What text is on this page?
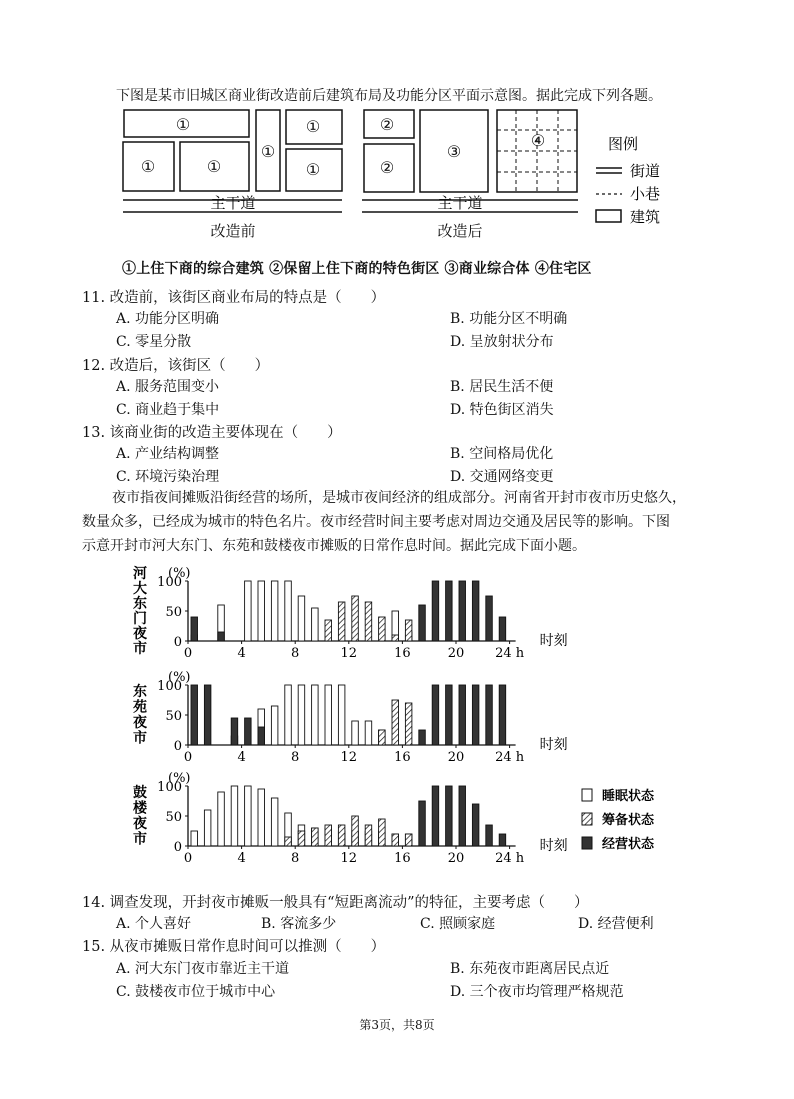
下图是某市旧城区商业街改造前后建筑布局及功能分区平面示意图。据此完成下列各题。
①
①	①
①
①
①
②
②
③
④
主干道	主干道
改造前	改造后
图例
街道
小巷
建筑
①上住下商的综合建筑 ②保留上住下商的特色街区 ③商业综合体 ④住宅区
11. 改造前，该街区商业布局的特点是（　　）
A. 功能分区明确	B. 功能分区不明确
C. 零星分散	D. 呈放射状分布
12. 改造后，该街区（　　）
A. 服务范围变小	B. 居民生活不便
C. 商业趋于集中	D. 特色街区消失
13. 该商业街的改造主要体现在（　　）
A. 产业结构调整	B. 空间格局优化
C. 环境污染治理	D. 交通网络变更
夜市指夜间摊贩沿街经营的场所，是城市夜间经济的组成部分。河南省开封市夜市历史悠久，
数量众多，已经成为城市的特色名片。夜市经营时间主要考虑对周边交通及居民等的影响。下图
示意开封市河大东门、东苑和鼓楼夜市摊贩的日常作息时间。据此完成下面小题。
河
大
东
门
夜
市
(%)
0
50
100
0	4	8	12	16	20 24 h
时刻
东
苑
夜
市
(%)
0
50
100
0	4	8	12	16	20 24 h
时刻
鼓
楼
夜
市
(%)
0
50
100
0	4	8	12	16	20 24 h
时刻
睡眠状态
筹备状态
经营状态
14. 调查发现，开封夜市摊贩一般具有“短距离流动”的特征，主要考虑（　　）
A. 个人喜好	B. 客流多少	C. 照顾家庭	D. 经营便利
15. 从夜市摊贩日常作息时间可以推测（　　）
A. 河大东门夜市靠近主干道	B. 东苑夜市距离居民点近
C. 鼓楼夜市位于城市中心	D. 三个夜市均管理严格规范
第3页，共8页
